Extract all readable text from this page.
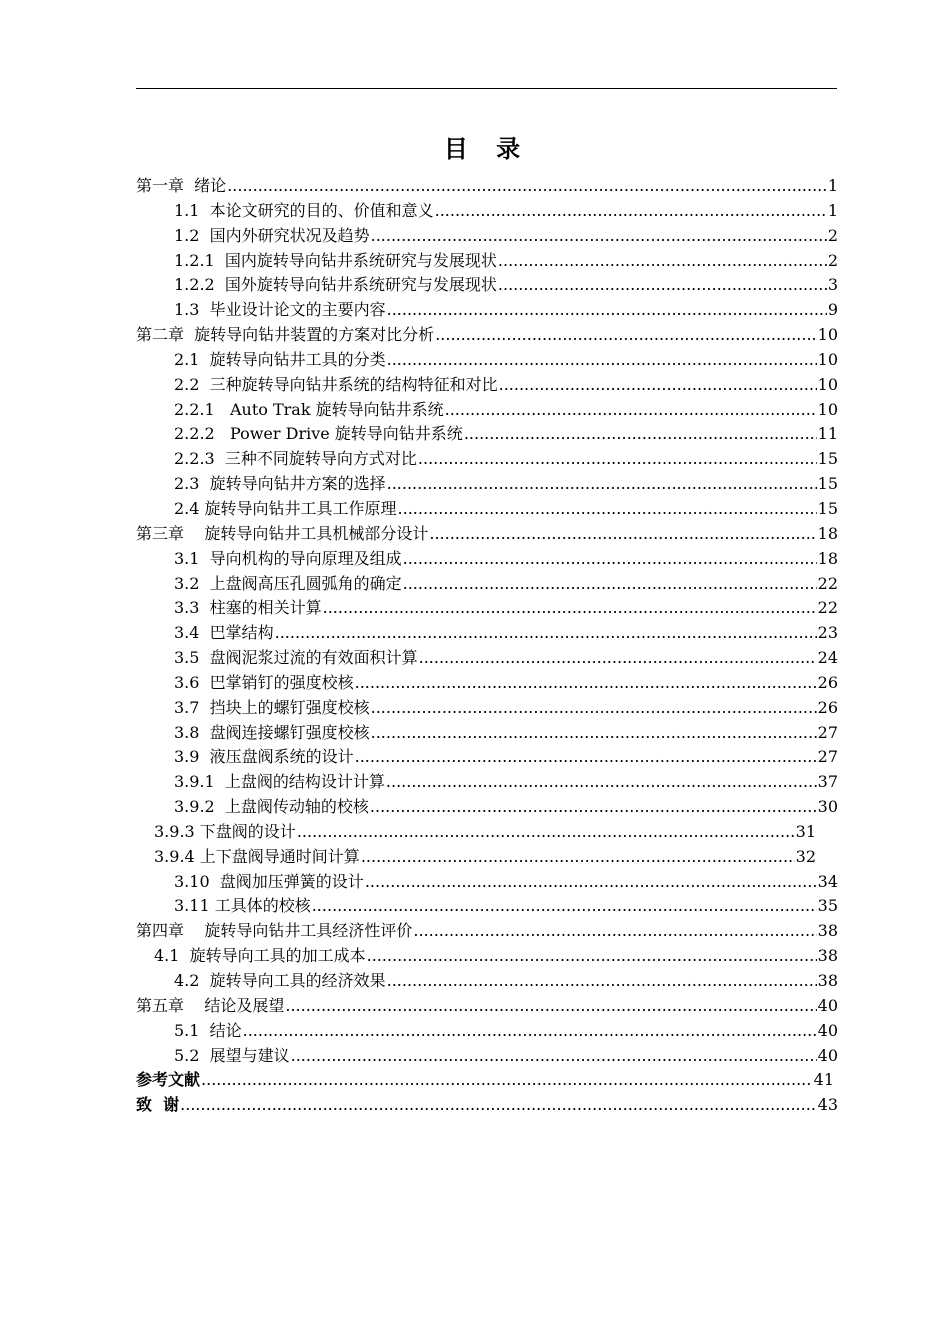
目 录
第一章  绪论 .....	1
1.1  本论文研究的目的、价值和意义 .....	1
1.2  国内外研究状况及趋势 .....	2
1.2.1  国内旋转导向钻井系统研究与发展现状 .....	2
1.2.2  国外旋转导向钻井系统研究与发展现状 .....	3
1.3  毕业设计论文的主要内容 .....	9
第二章  旋转导向钻井装置的方案对比分析 .....	10
2.1  旋转导向钻井工具的分类 .....	10
2.2  三种旋转导向钻井系统的结构特征和对比 .....	10
2.2.1   Auto Trak 旋转导向钻井系统 .....	10
2.2.2   Power Drive 旋转导向钻井系统 .....	11
2.2.3  三种不同旋转导向方式对比 .....	15
2.3  旋转导向钻井方案的选择 .....	15
2.4 旋转导向钻井工具工作原理 .....	15
第三章    旋转导向钻井工具机械部分设计 .....	18
3.1  导向机构的导向原理及组成 .....	18
3.2  上盘阀高压孔圆弧角的确定 .....	22
3.3  柱塞的相关计算 .....	22
3.4  巴掌结构 .....	23
3.5  盘阀泥浆过流的有效面积计算 .....	24
3.6  巴掌销钉的强度校核 .....	26
3.7  挡块上的螺钉强度校核 .....	26
3.8  盘阀连接螺钉强度校核 .....	27
3.9  液压盘阀系统的设计 .....	27
3.9.1  上盘阀的结构设计计算 .....	37
3.9.2  上盘阀传动轴的校核 .....	30
3.9.3 下盘阀的设计 .....	31
3.9.4 上下盘阀导通时间计算 .....	32
3.10  盘阀加压弹簧的设计 .....	34
3.11 工具体的校核 .....	35
第四章    旋转导向钻井工具经济性评价 .....	38
4.1  旋转导向工具的加工成本 .....	38
4.2  旋转导向工具的经济效果 .....	38
第五章    结论及展望 .....	40
5.1  结论 .....	40
5.2  展望与建议 .....	40
参考文献 .....	41
致  谢 .....	43
